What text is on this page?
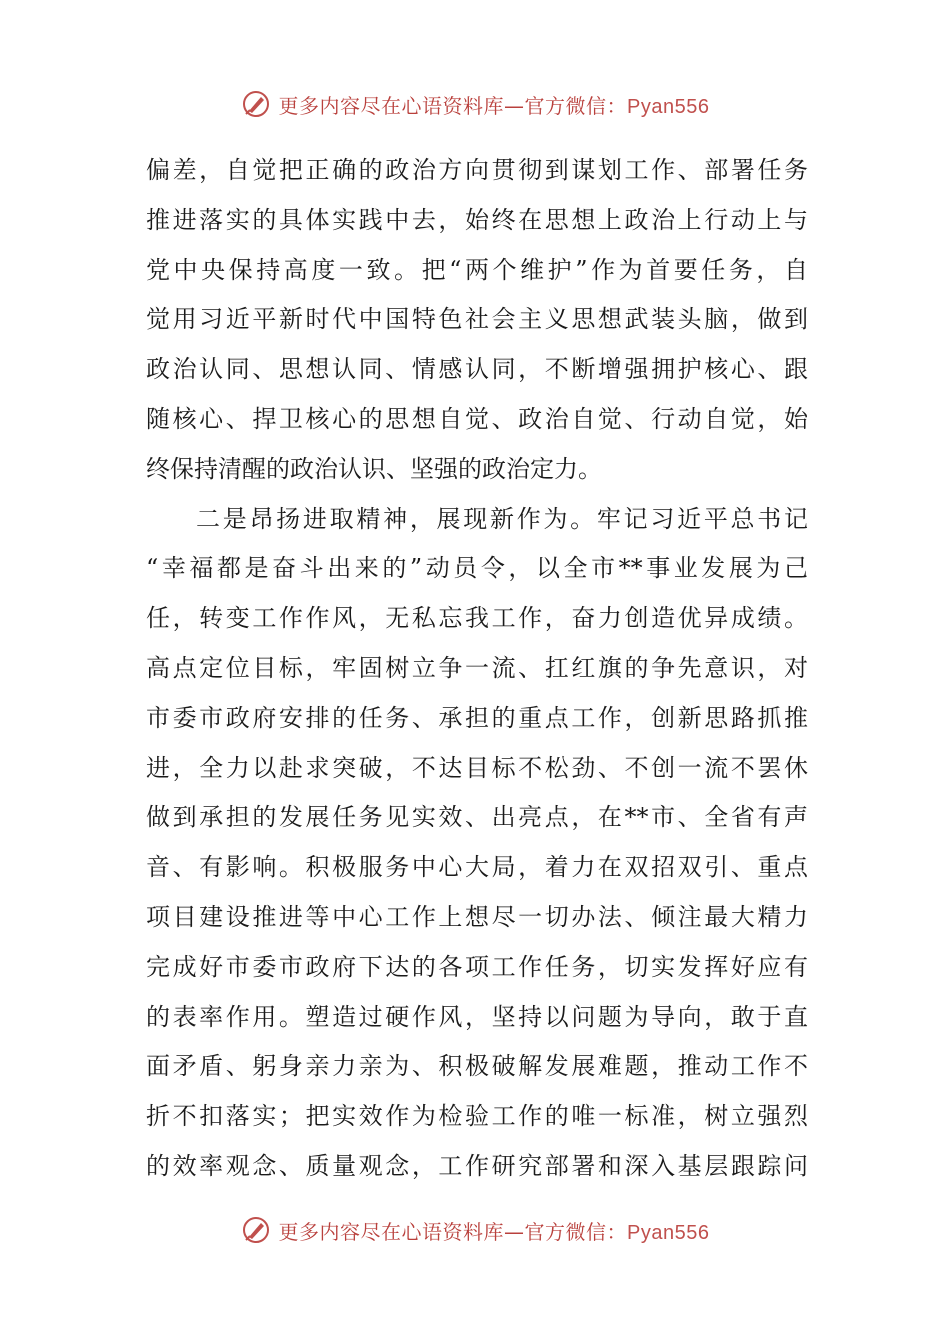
更多内容尽在心语资料库—官方微信：Pyan556
偏差，自觉把正确的政治方向贯彻到谋划工作、部署任务
推进落实的具体实践中去，始终在思想上政治上行动上与
党中央保持高度一致。把“两个维护”作为首要任务，自
觉用习近平新时代中国特色社会主义思想武装头脑，做到
政治认同、思想认同、情感认同，不断增强拥护核心、跟
随核心、捍卫核心的思想自觉、政治自觉、行动自觉，始
终保持清醒的政治认识、坚强的政治定力。
二是昂扬进取精神，展现新作为。牢记习近平总书记
“幸福都是奋斗出来的”动员令，以全市**事业发展为己
任，转变工作作风，无私忘我工作，奋力创造优异成绩。
高点定位目标，牢固树立争一流、扛红旗的争先意识，对
市委市政府安排的任务、承担的重点工作，创新思路抓推
进，全力以赴求突破，不达目标不松劲、不创一流不罢休
做到承担的发展任务见实效、出亮点，在**市、全省有声
音、有影响。积极服务中心大局，着力在双招双引、重点
项目建设推进等中心工作上想尽一切办法、倾注最大精力
完成好市委市政府下达的各项工作任务，切实发挥好应有
的表率作用。塑造过硬作风，坚持以问题为导向，敢于直
面矛盾、躬身亲力亲为、积极破解发展难题，推动工作不
折不扣落实；把实效作为检验工作的唯一标准，树立强烈
的效率观念、质量观念，工作研究部署和深入基层跟踪问
更多内容尽在心语资料库—官方微信：Pyan556
